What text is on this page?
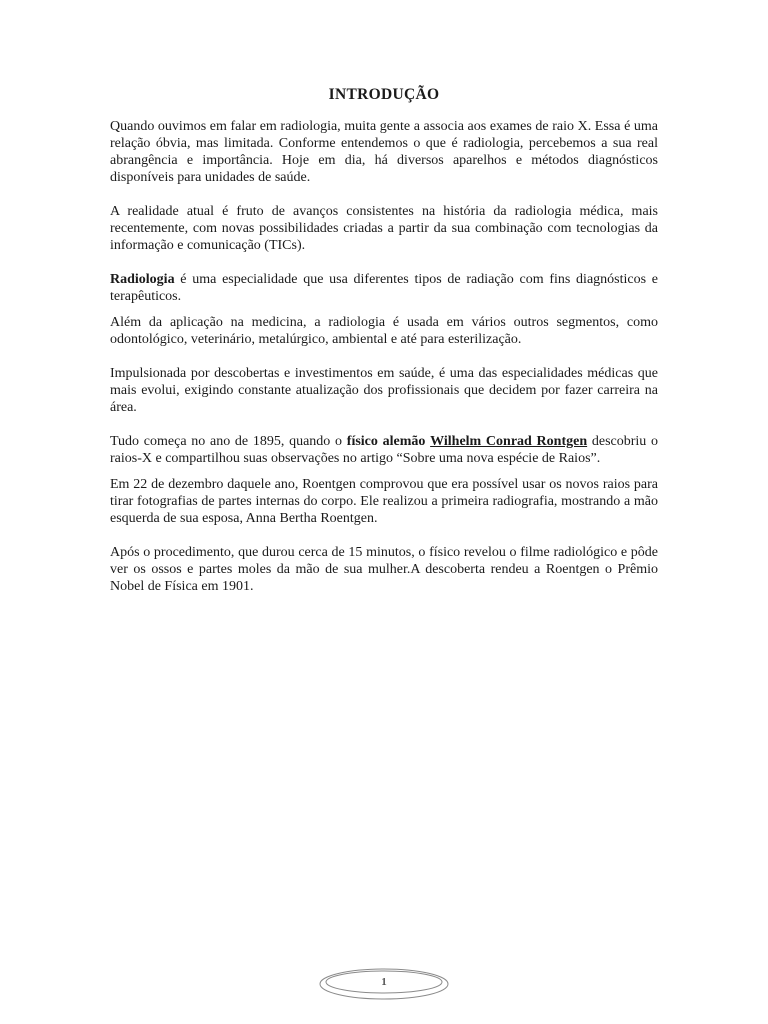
INTRODUÇÃO

Quando ouvimos em falar em radiologia, muita gente a associa aos exames de raio X. Essa é uma relação óbvia, mas limitada. Conforme entendemos o que é radiologia, percebemos a sua real abrangência e importância. Hoje em dia, há diversos aparelhos e métodos diagnósticos disponíveis para unidades de saúde.

A realidade atual é fruto de avanços consistentes na história da radiologia médica, mais recentemente, com novas possibilidades criadas a partir da sua combinação com tecnologias da informação e comunicação (TICs).

Radiologia é uma especialidade que usa diferentes tipos de radiação com fins diagnósticos e terapêuticos.

Além da aplicação na medicina, a radiologia é usada em vários outros segmentos, como odontológico, veterinário, metalúrgico, ambiental e até para esterilização.

Impulsionada por descobertas e investimentos em saúde, é uma das especialidades médicas que mais evolui, exigindo constante atualização dos profissionais que decidem por fazer carreira na área.

Tudo começa no ano de 1895, quando o físico alemão Wilhelm Conrad Rontgen descobriu o raios-X e compartilhou suas observações no artigo “Sobre uma nova espécie de Raios”.

Em 22 de dezembro daquele ano, Roentgen comprovou que era possível usar os novos raios para tirar fotografias de partes internas do corpo. Ele realizou a primeira radiografia, mostrando a mão esquerda de sua esposa, Anna Bertha Roentgen.

Após o procedimento, que durou cerca de 15 minutos, o físico revelou o filme radiológico e pôde ver os ossos e partes moles da mão de sua mulher.A descoberta rendeu a Roentgen o Prêmio Nobel de Física em 1901.

1
